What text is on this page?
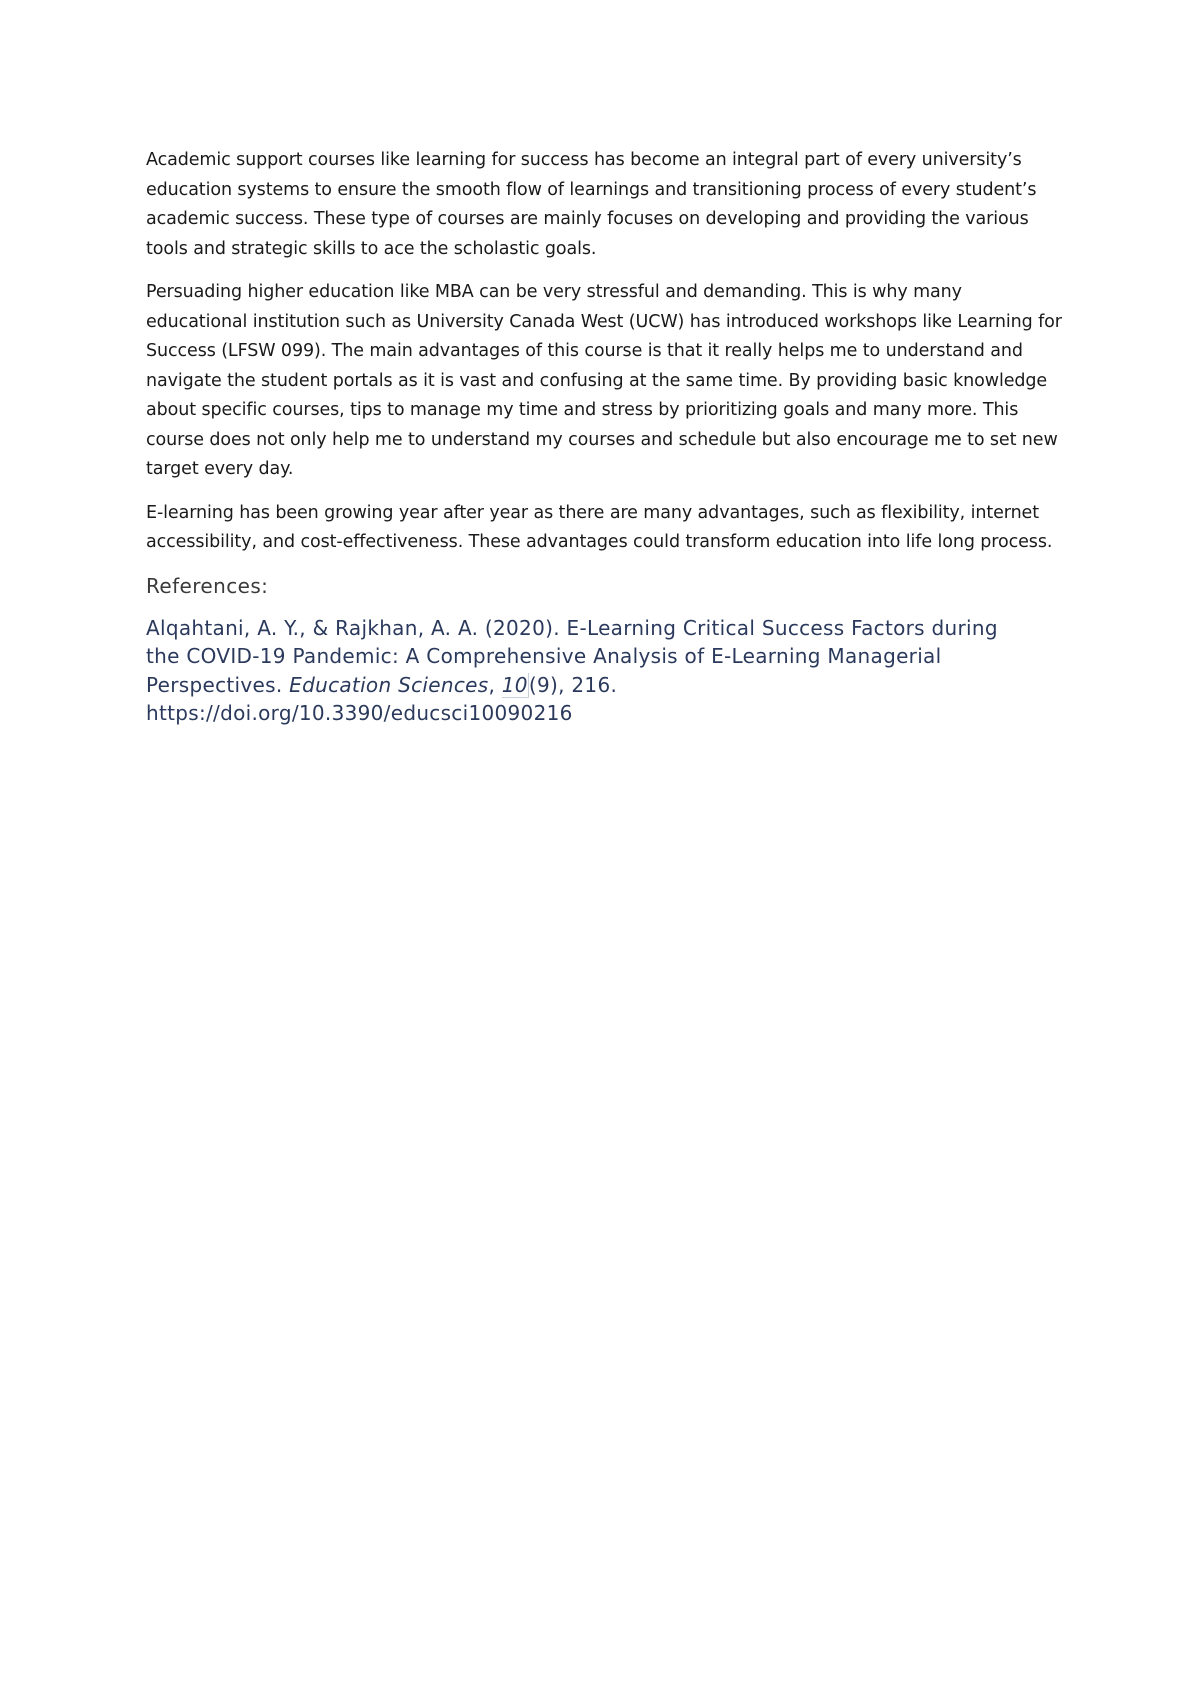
Academic support courses like learning for success has become an integral part of every university’s education systems to ensure the smooth flow of learnings and transitioning process of every student’s academic success. These type of courses are mainly focuses on developing and providing the various tools and strategic skills to ace the scholastic goals.

Persuading higher education like MBA can be very stressful and demanding. This is why many educational institution such as University Canada West (UCW) has introduced workshops like Learning for Success (LFSW 099). The main advantages of this course is that it really helps me to understand and navigate the student portals as it is vast and confusing at the same time. By providing basic knowledge about specific courses, tips to manage my time and stress by prioritizing goals and many more. This course does not only help me to understand my courses and schedule but also encourage me to set new target every day.

E-learning has been growing year after year as there are many advantages, such as flexibility, internet accessibility, and cost-effectiveness. These advantages could transform education into life long process.

References:

Alqahtani, A. Y., & Rajkhan, A. A. (2020). E-Learning Critical Success Factors during the COVID-19 Pandemic: A Comprehensive Analysis of E-Learning Managerial Perspectives. Education Sciences, 10(9), 216.
https://doi.org/10.3390/educsci10090216
